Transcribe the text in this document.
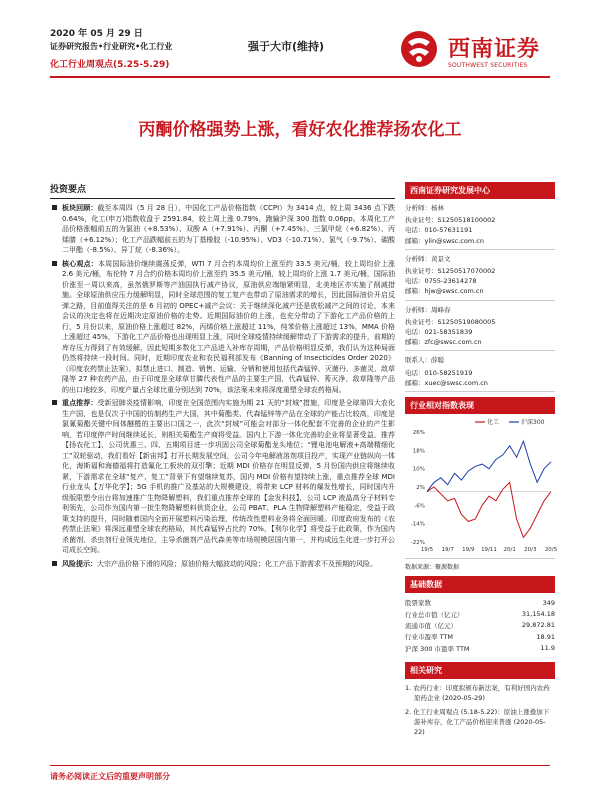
2020 年 05 月 29 日
证券研究报告•行业研究•化工行业
化工行业周观点(5.25-5.29)
强于大市(维持)	西南证券
SOUTHWEST SECURITIES
丙酮价格强势上涨，看好农化推荐扬农化工
投资要点
板块回顾：截至本周四（5 月 28 日），中国化工产品价格指数（CCPI）为 3414 点，较上周 3436 点下跌 0.64%，化工(申万)指数收盘于 2591.84，较上周上涨 0.79%，跑输沪深 300 指数 0.06pp。本周化工产品价格涨幅前五的为氯油（+8.53%）、双酚 A（+7.91%）、丙酮（+7.45%）、三氯甲烷（+6.82%）、丙烯腈（+6.12%）；化工产品跌幅前五的为丁基橡胶（-10.95%）、VD3（-10.71%）、氯气（-9.7%）、碳酸二甲酯（-8.5%）、异丁烷（-8.36%）。
核心观点：本周国际油价继续震荡反弹，WTI 7 月合约本周均价上涨至约 33.5 美元/桶，较上周均价上涨 2.6 美元/桶，布伦特 7 月合约价格本周均价上涨至约 35.5 美元/桶，较上周均价上涨 1.7 美元/桶，国际油价涨至一周以来高，虽然俄罗斯等产油国执行减产协议，原油供应端缩紧明显，北美地区亦实施了削减措施。全球原油供应压力缓解明显，同时全球范围的复工复产也带动了原油需求的增长，因此国际油价开启反弹之路，目前值得关注的是 6 月初的 OPEC+减产会议：关于继续深化减产还是放松减产之间的讨论，本来会议的决定也将在近期决定原油价格的走势。近期国际油价的上涨，也充分带动了下游化工产品价格的上行，5 月份以来，原油价格上涨超过 82%，丙烯价格上涨超过 11%，纯苯价格上涨超过 13%，MMA 价格上涨超过 45%，下游化工产品价格也出现明显上涨，同时全球疫情持续缓解带动了下游需求的提升，前期的库存压力得到了有效缓解，因此短期多数化工产品进入补库存周期，产品价格明显反弹，我们认为这种局面仍然将持续一段时间。同时，近期印度农业和农民福利部发布《Banning of Insecticides Order 2020》（印度农药禁止法案），拟禁止进口、制造、销售、运输、分销和使用包括代森锰锌、灭菌丹、多菌灵、敌草隆等 27 种农药产品，由于印度是全球草甘膦代表性产品的主要生产国，代森锰锌、莠灭净、敌草隆等产品的出口地较多，印度产量占全球比重分别达到 70%，该法案未来将深度重塑全球农药格局。
重点推荐：受新冠肺炎疫情影响，印度在全国范围内实施为期 21 天的“封城”措施，印度是全球第四大农化生产国，也是仅次于中国的仿制药生产大国，其中菊酯类、代森锰锌等产品在全球的产能占比较高，印度是氯氰菊酯关键中间体醚醛的主要出口国之一，此次“封城”可能会对部分一体化配套不完善的企业的产生影响，若印度停产时间继续延长，则相关菊酯生产商将受益。国内上下游一体化完善的企业将显著受益，推荐【扬农化工】，公司优惠三、四、五期项目进一步巩固公司全球菊酯龙头地位；“锂电池电解液+高端精细化工”双轮驱动，我们看好【新宙邦】打开长期发展空间，公司今年电解液溶剂项目投产，实现产业链纵向一体化，海斯福和海德福将打造氟化工板块的双引擎；近期 MDI 价格存在明显反弹，5 月份国内供应将继续收紧，下游需求在全球“复产、复工”背景下有望继续复苏，国内 MDI 价格有望持续上涨，重点推荐全球 MDI 行业龙头【万华化学】；5G 手机的推广及基站的大规模建设，将带来 LCP 材料的爆发性增长，同时国内升级版限塑令出台将加速推广生物降解塑料，我们重点推荐全球的【金发科技】，公司 LCP 液晶高分子材料专利领先，公司作为国内第一批生物降解塑料供货企业，公司 PBAT、PLA 生物降解塑料产能稳定，受益于政策支持的提升，同时随着国内全面开展塑料污染治理，传统改性塑料业务将全面回暖。印度政府发布的《农药禁止法案》将深远重塑全球农药格局，其代森锰锌占比约 70%，【利尔化学】将受益于此政策，作为国内杀菌剂、杀虫剂行业领先地位，主导杀菌剂产品代森美等市场规模居国内第一，并构成远生化进一步打开公司成长空间。
风险提示：大宗产品价格下滑的风险；原油价格大幅波动的风险；化工产品下游需求不及预期的风险。
西南证券研究发展中心
分析师：杨林
执业证号：S1250518100002
电话：010-57631191
邮箱：ylin@swsc.com.cn
分析师：黄景文
执业证号：S1250517070002
电话：0755-23614278
邮箱：hjw@swsc.com.cn
分析师：周峰春
执业证号：S1250519080005
电话：021-58351839
邮箱：zfc@swsc.com.cn
联系人：薛聪
电话：010-58251919
邮箱：xuec@swsc.com.cn
行业相对指数表现
26%
18%
10%
2%
-6%
-14%
-22%
19/5 19/7 19/9 19/11 20/1 20/3 20/5
化工	沪深300
数据来源：聚源数据
基础数据
股票家数	349
行业总市值（亿元）	31,154.18
流通市值（亿元）	29,872.81
行业市盈率 TTM	18.91
沪深 300 市盈率 TTM	11.9
相关研究
1. 农药行业：印度拟颁布新法案，有利好国内农药原药企业 (2020-05-29)
2. 化工行业周观点 (5.18-5.22)：原油上涨叠加下游补库存，化工产品价格迎来普涨 (2020-05-22)
请务必阅读正文后的重要声明部分
